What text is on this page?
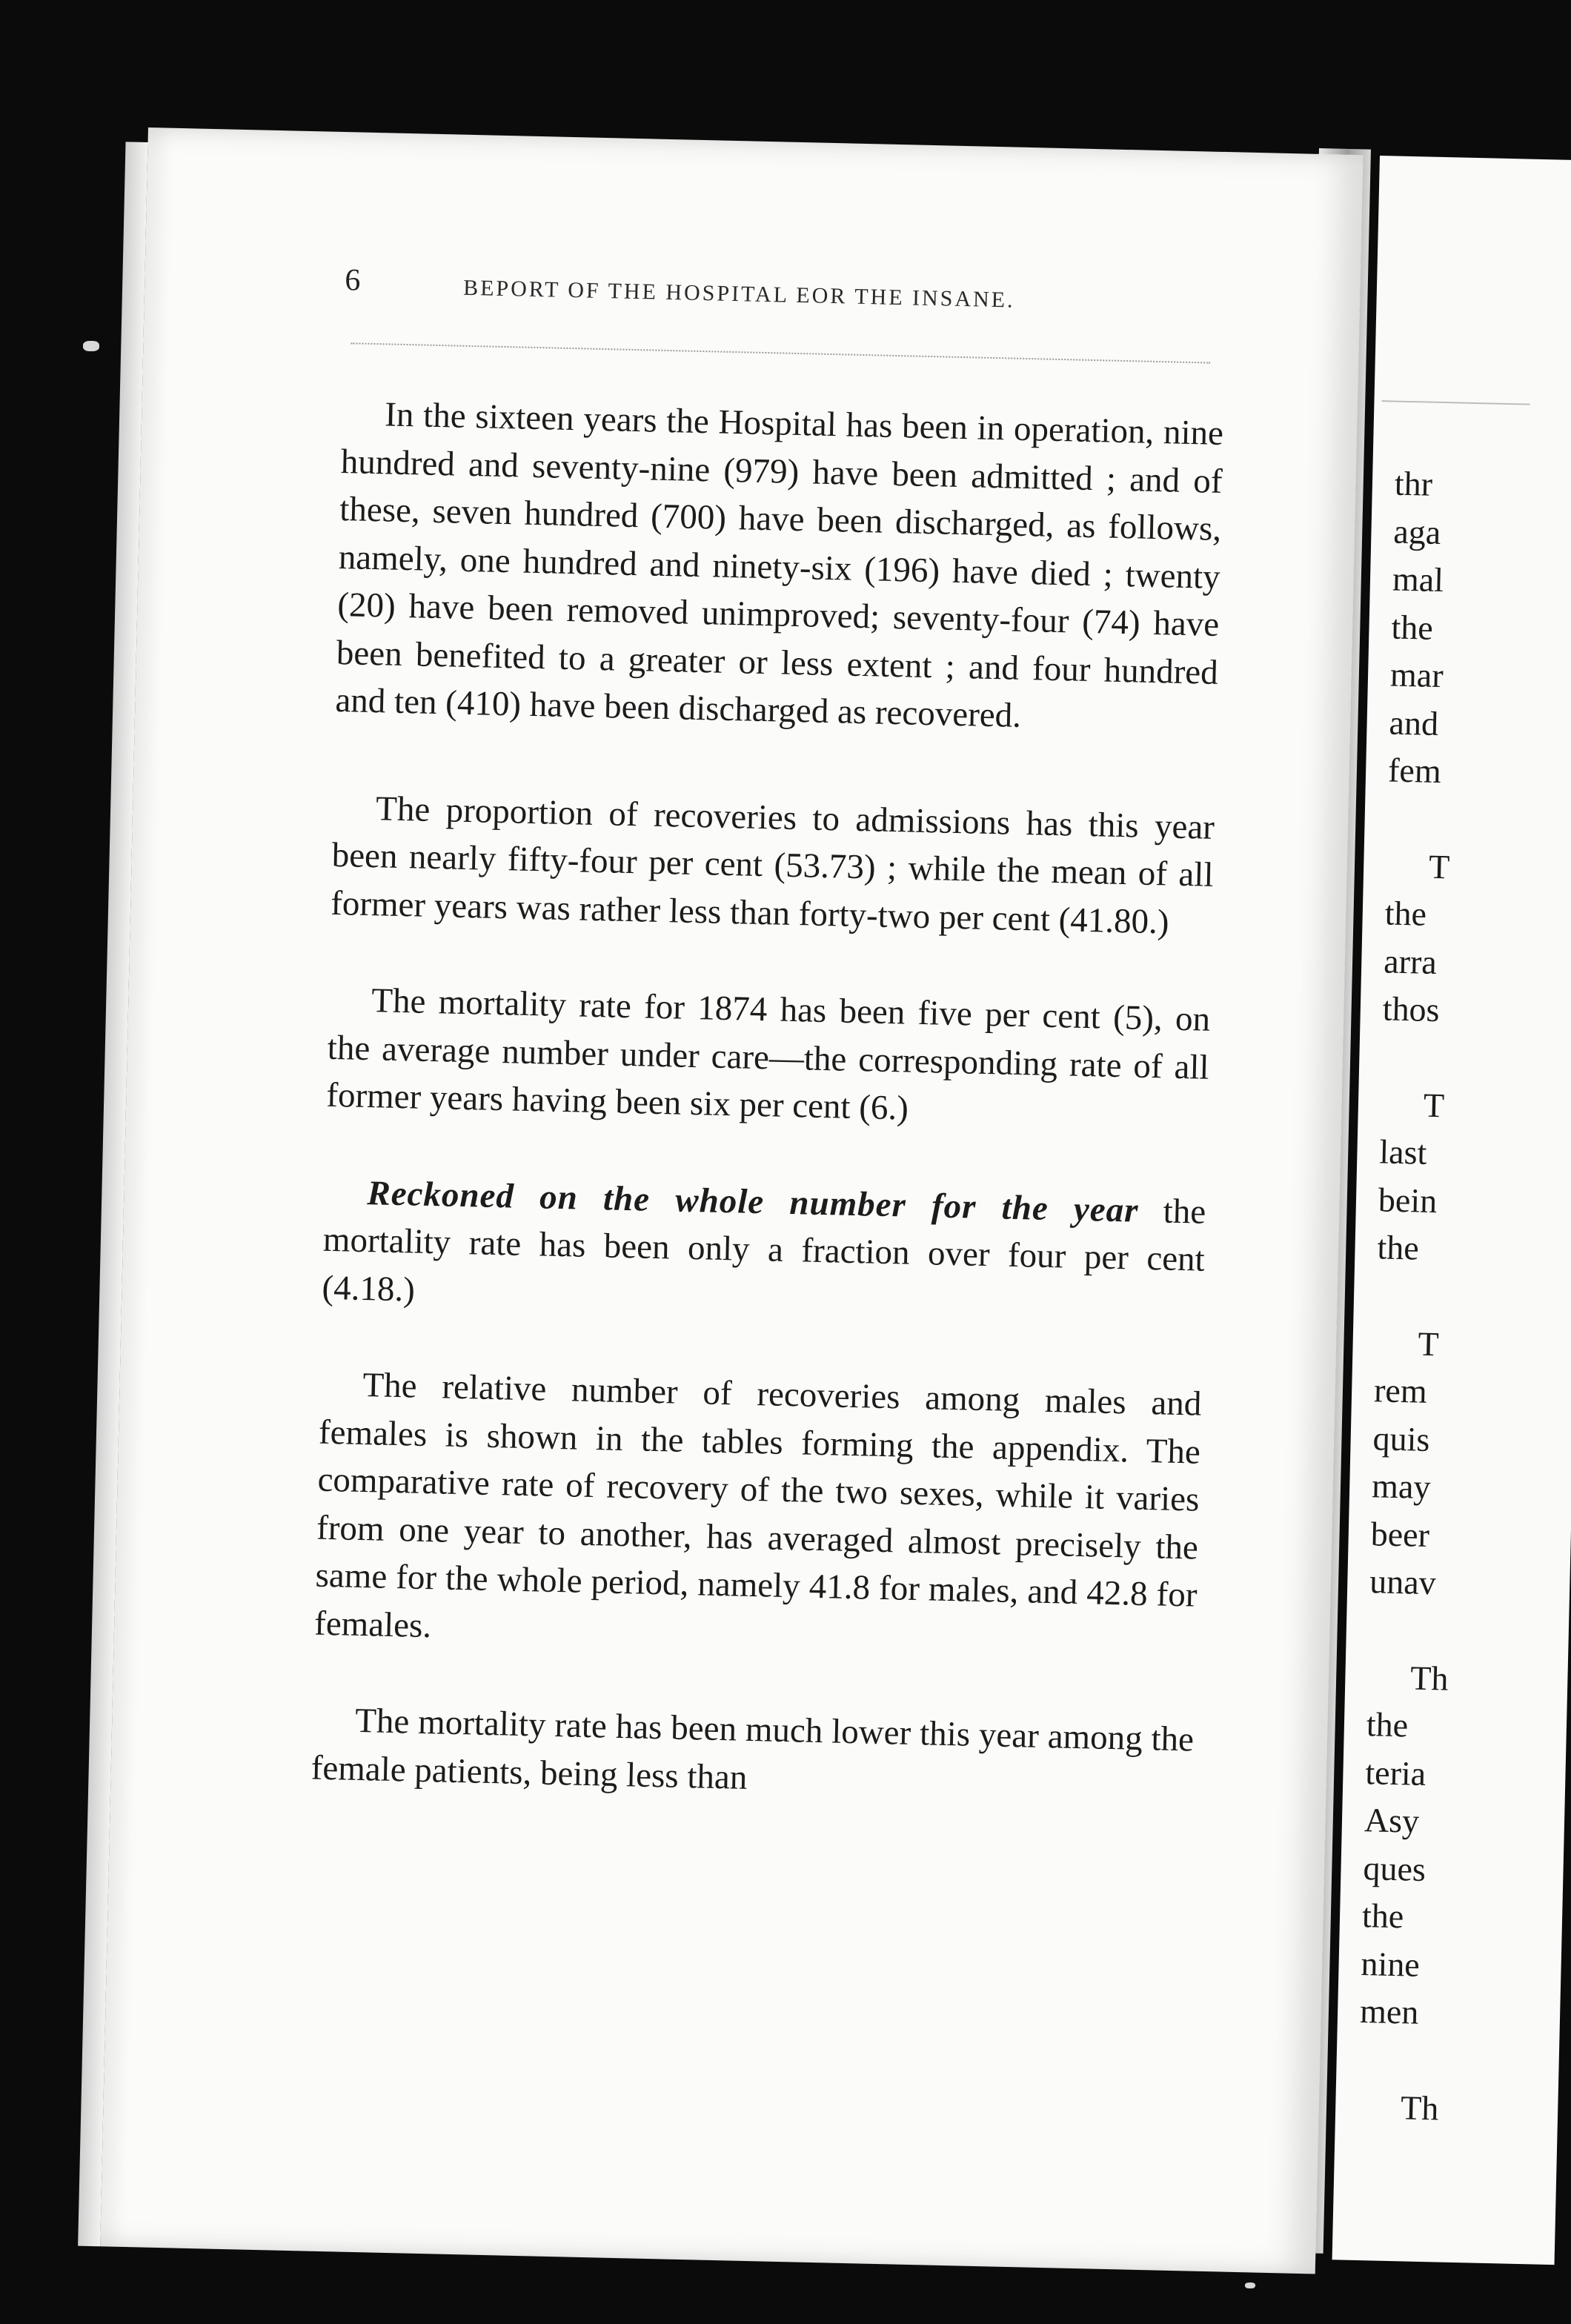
thr
aga
mal
the
mar
and
fem
T
the
arra
thos
T
last
bein
the
T
rem
quis
may
beer
unav
Th
the
teria
Asy
ques
the
nine
men
Th
6	BEPORT OF THE HOSPITAL EOR THE INSANE.

In the sixteen years the Hospital has been in operation, nine hundred and seventy-nine (979) have been admitted ; and of these, seven hundred (700) have been discharged, as follows, namely, one hundred and ninety-six (196) have died ; twenty (20) have been removed unimproved; seventy-four (74) have been benefited to a greater or less extent ; and four hundred and ten (410) have been discharged as recovered.

The proportion of recoveries to admissions has this year been nearly fifty-four per cent (53.73) ; while the mean of all former years was rather less than forty-two per cent (41.80.)

The mortality rate for 1874 has been five per cent (5), on the average number under care—the corresponding rate of all former years having been six per cent (6.)

Reckoned on the whole number for the year the mortality rate has been only a fraction over four per cent (4.18.)

The relative number of recoveries among males and females is shown in the tables forming the appendix. The comparative rate of recovery of the two sexes, while it varies from one year to another, has averaged almost precisely the same for the whole period, namely 41.8 for males, and 42.8 for females.

The mortality rate has been much lower this year among the female patients, being less than
